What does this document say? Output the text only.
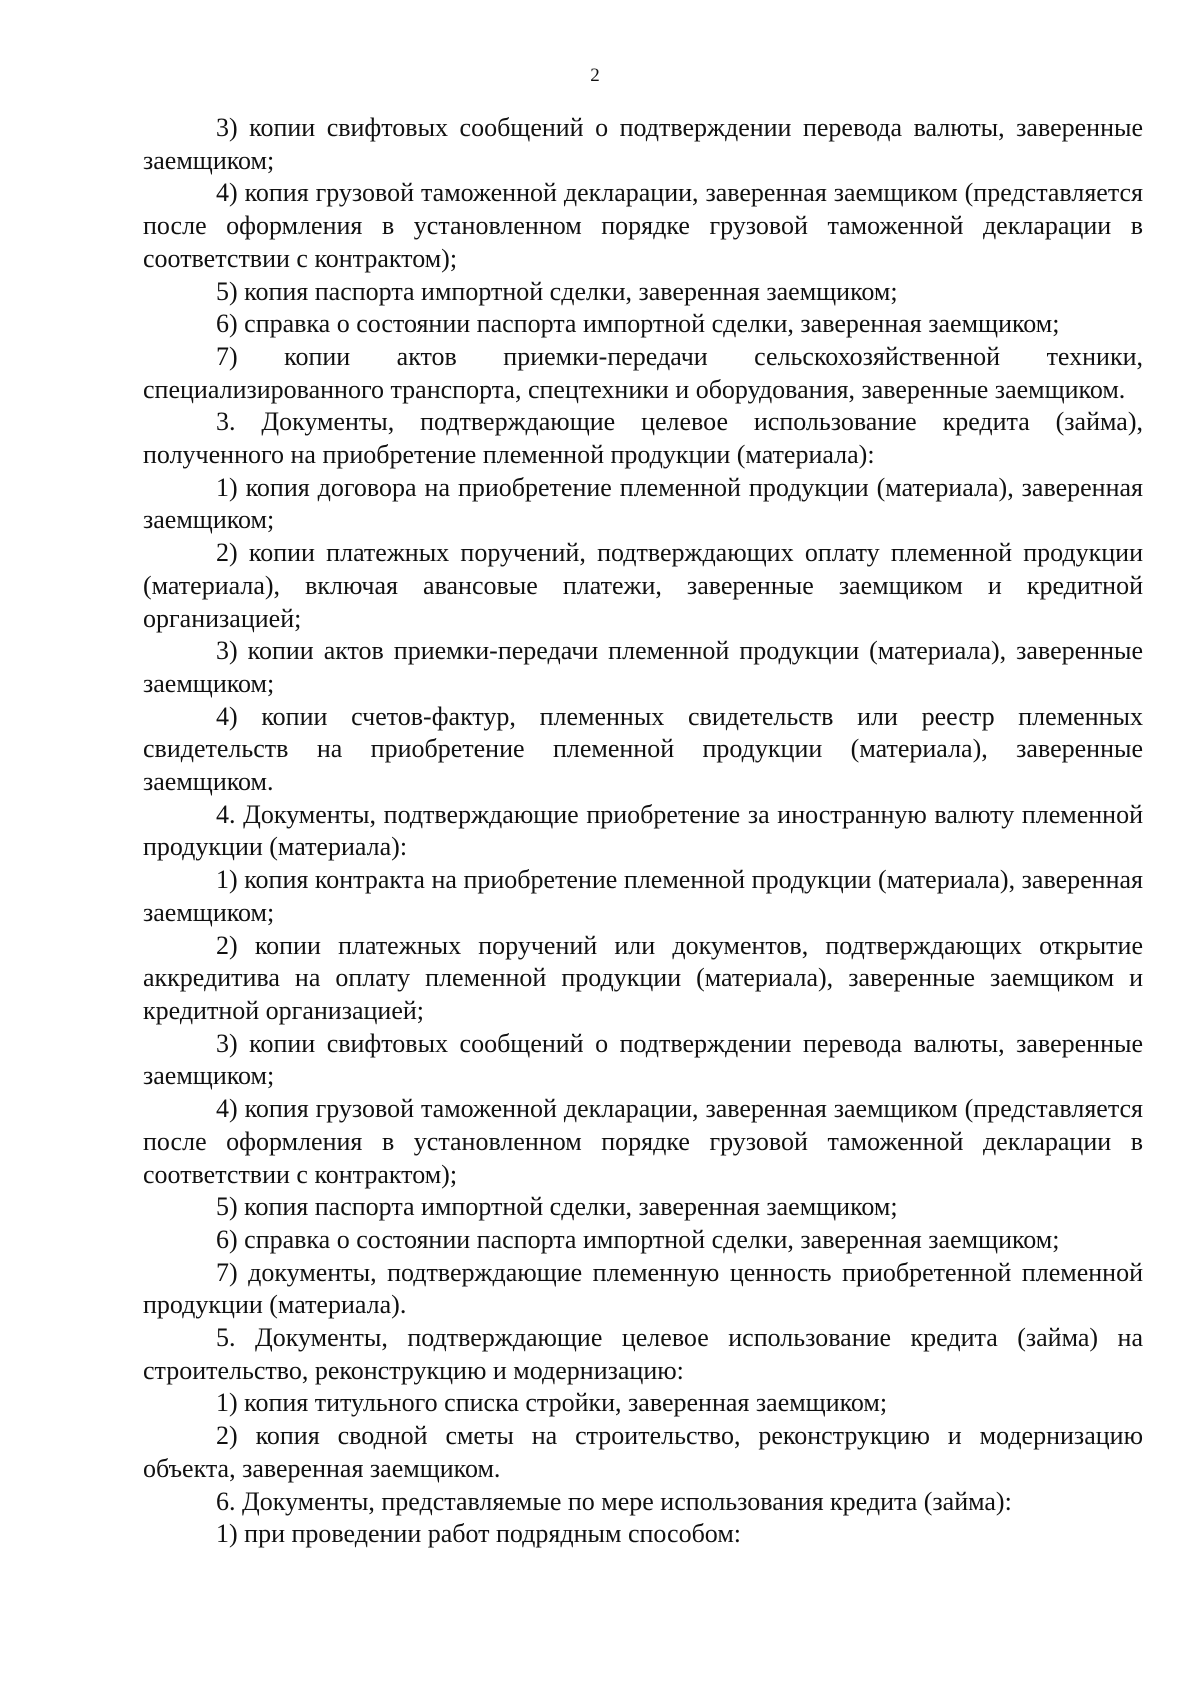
2

3) копии свифтовых сообщений о подтверждении перевода валюты, заверенные заемщиком;

4) копия грузовой таможенной декларации, заверенная заемщиком (представляется после оформления в установленном порядке грузовой таможенной декларации в соответствии с контрактом);

5) копия паспорта импортной сделки, заверенная заемщиком;

6) справка о состоянии паспорта импортной сделки, заверенная заемщиком;

7) копии актов приемки-передачи сельскохозяйственной техники, специализированного транспорта, спецтехники и оборудования, заверенные заемщиком.

3. Документы, подтверждающие целевое использование кредита (займа), полученного на приобретение племенной продукции (материала):

1) копия договора на приобретение племенной продукции (материала), заверенная заемщиком;

2) копии платежных поручений, подтверждающих оплату племенной продукции (материала), включая авансовые платежи, заверенные заемщиком и кредитной организацией;

3) копии актов приемки-передачи племенной продукции (материала), заверенные заемщиком;

4) копии счетов-фактур, племенных свидетельств или реестр племенных свидетельств на приобретение племенной продукции (материала), заверенные заемщиком.

4. Документы, подтверждающие приобретение за иностранную валюту племенной продукции (материала):

1) копия контракта на приобретение племенной продукции (материала), заверенная заемщиком;

2) копии платежных поручений или документов, подтверждающих открытие аккредитива на оплату племенной продукции (материала), заверенные заемщиком и кредитной организацией;

3) копии свифтовых сообщений о подтверждении перевода валюты, заверенные заемщиком;

4) копия грузовой таможенной декларации, заверенная заемщиком (представляется после оформления в установленном порядке грузовой таможенной декларации в соответствии с контрактом);

5) копия паспорта импортной сделки, заверенная заемщиком;

6) справка о состоянии паспорта импортной сделки, заверенная заемщиком;

7) документы, подтверждающие племенную ценность приобретенной племенной продукции (материала).

5. Документы, подтверждающие целевое использование кредита (займа) на строительство, реконструкцию и модернизацию:

1) копия титульного списка стройки, заверенная заемщиком;

2) копия сводной сметы на строительство, реконструкцию и модернизацию объекта, заверенная заемщиком.

6. Документы, представляемые по мере использования кредита (займа):

1) при проведении работ подрядным способом:
